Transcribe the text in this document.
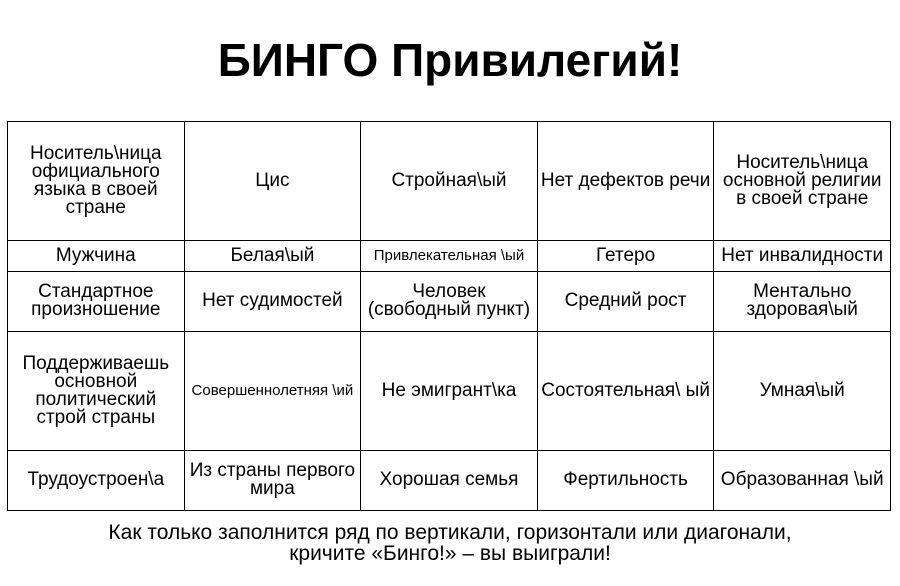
БИНГО Привилегий!
Носитель\ница официального языка в своей стране	Цис	Стройная\ый	Нет дефектов речи	Носитель\ница основной религии в своей стране
Мужчина	Белая\ый	Привлекательная \ый	Гетеро	Нет инвалидности
Стандартное произношение	Нет судимостей	Человек (свободный пункт)	Средний рост	Ментально здоровая\ый
Поддерживаешь основной политический строй страны	Совершеннолетняя \ий	Не эмигрант\ка	Состоятельная\ ый	Умная\ый
Трудоустроен\а	Из страны первого мира	Хорошая семья	Фертильность	Образованная \ый
Как только заполнится ряд по вертикали, горизонтали или диагонали,
кричите «Бинго!» – вы выиграли!
